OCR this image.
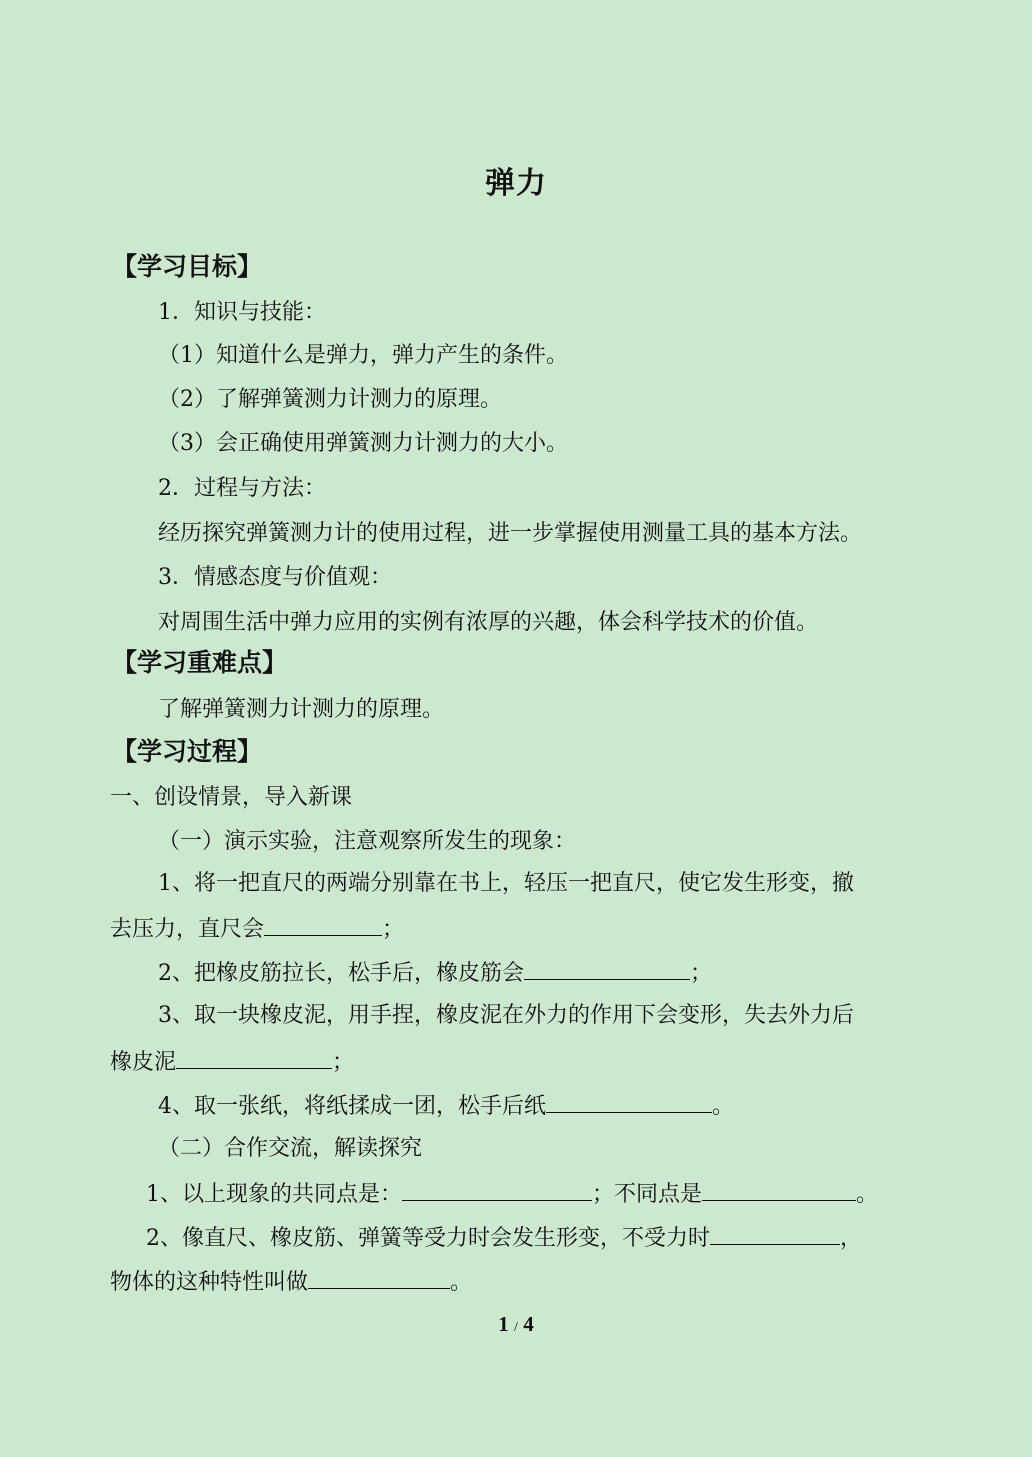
弹力
【学习目标】
1．知识与技能：
（1）知道什么是弹力，弹力产生的条件。
（2）了解弹簧测力计测力的原理。
（3）会正确使用弹簧测力计测力的大小。
2．过程与方法：
经历探究弹簧测力计的使用过程，进一步掌握使用测量工具的基本方法。
3．情感态度与价值观：
对周围生活中弹力应用的实例有浓厚的兴趣，体会科学技术的价值。
【学习重难点】
了解弹簧测力计测力的原理。
【学习过程】
一、创设情景，导入新课
（一）演示实验，注意观察所发生的现象：
1、将一把直尺的两端分别靠在书上，轻压一把直尺，使它发生形变，撤
去压力，直尺会	；
2、把橡皮筋拉长，松手后，橡皮筋会	；
3、取一块橡皮泥，用手捏，橡皮泥在外力的作用下会变形，失去外力后
橡皮泥	；
4、取一张纸，将纸揉成一团，松手后纸	。
（二）合作交流，解读探究
1、以上现象的共同点是：	；不同点是	。
2、像直尺、橡皮筋、弹簧等受力时会发生形变，不受力时	，
物体的这种特性叫做	。
1 / 4
